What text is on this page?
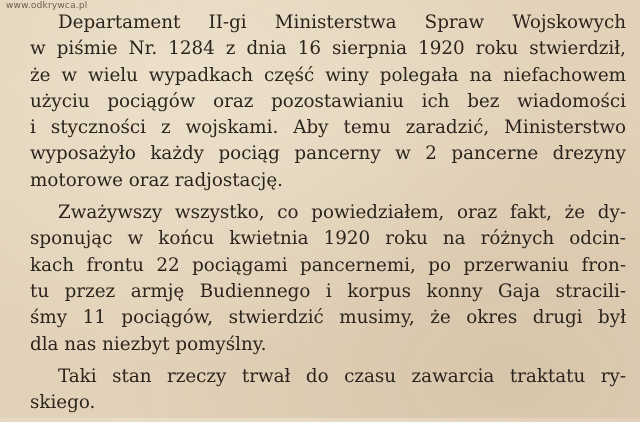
www.odkrywca.pl
Departament II-gi Ministerstwa Spraw Wojskowych
w piśmie Nr. 1284 z dnia 16 sierpnia 1920 roku stwierdził,
że w wielu wypadkach część winy polegała na niefachowem
użyciu pociągów oraz pozostawianiu ich bez wiadomości
i styczności z wojskami. Aby temu zaradzić, Ministerstwo
wyposażyło każdy pociąg pancerny w 2 pancerne drezyny
motorowe oraz radjostację.
Zważywszy wszystko, co powiedziałem, oraz fakt, że dy-
sponując w końcu kwietnia 1920 roku na różnych odcin-
kach frontu 22 pociągami pancernemi, po przerwaniu fron-
tu przez armję Budiennego i korpus konny Gaja stracili-
śmy 11 pociągów, stwierdzić musimy, że okres drugi był
dla nas niezbyt pomyślny.
Taki stan rzeczy trwał do czasu zawarcia traktatu ry-
skiego.
